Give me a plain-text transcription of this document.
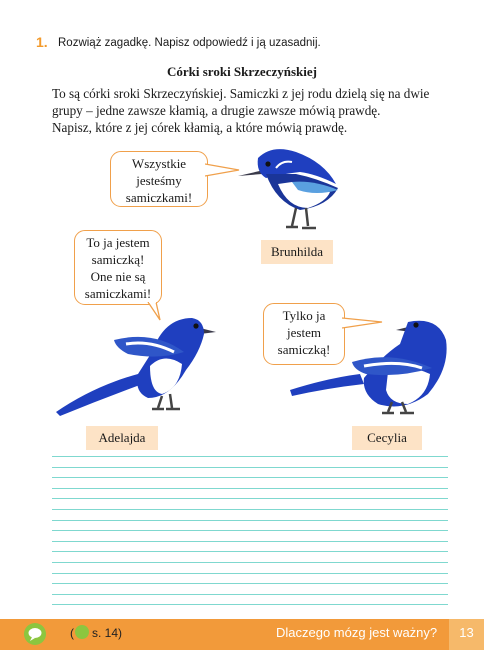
1. Rozwiąż zagadkę. Napisz odpowiedź i ją uzasadnij.
Córki sroki Skrzeczyńskiej
To są córki sroki Skrzeczyńskiej. Samiczki z jej rodu dzielą się na dwie
grupy – jedne zawsze kłamią, a drugie zawsze mówią prawdę.
Napisz, które z jej córek kłamią, a które mówią prawdę.
Wszystkie
jesteśmy
samiczkami!
Brunhilda
To ja jestem
samiczką!
One nie są
samiczkami!
Adelajda
Tylko ja
jestem
samiczką!
Cecylia
( s. 14)	Dlaczego mózg jest ważny?	13
